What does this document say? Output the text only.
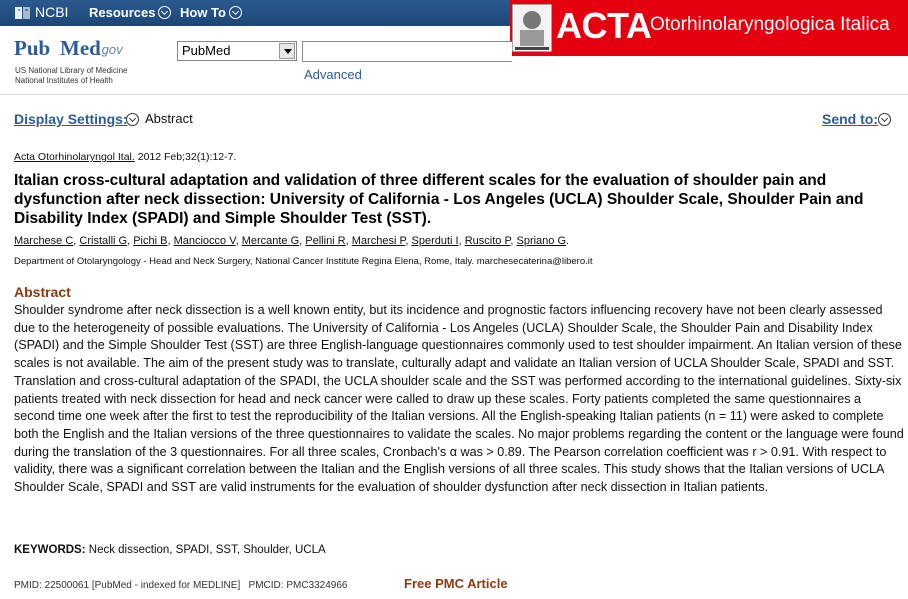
NCBI Resources	How To	ACTA
Otorhinolaryngologica Italica
Pub Med
.gov
US National Library of Medicine
National Institutes of Health
PubMed
Advanced
Display Settings: Abstract	Send to:
Acta Otorhinolaryngol Ital. 2012 Feb;32(1):12-7.
Italian cross-cultural adaptation and validation of three different scales for the evaluation of shoulder pain and dysfunction after neck dissection: University of California - Los Angeles (UCLA) Shoulder Scale, Shoulder Pain and Disability Index (SPADI) and Simple Shoulder Test (SST).
Marchese C, Cristalli G, Pichi B, Manciocco V, Mercante G, Pellini R, Marchesi P, Sperduti I, Ruscito P, Spriano G.
Department of Otolaryngology - Head and Neck Surgery, National Cancer Institute Regina Elena, Rome, Italy. marchesecaterina@libero.it
Abstract
Shoulder syndrome after neck dissection is a well known entity, but its incidence and prognostic factors influencing recovery have not been clearly assessed due to the heterogeneity of possible evaluations. The University of California - Los Angeles (UCLA) Shoulder Scale, the Shoulder Pain and Disability Index (SPADI) and the Simple Shoulder Test (SST) are three English-language questionnaires commonly used to test shoulder impairment. An Italian version of these scales is not available. The aim of the present study was to translate, culturally adapt and validate an Italian version of UCLA Shoulder Scale, SPADI and SST. Translation and cross-cultural adaptation of the SPADI, the UCLA shoulder scale and the SST was performed according to the international guidelines. Sixty-six patients treated with neck dissection for head and neck cancer were called to draw up these scales. Forty patients completed the same questionnaires a second time one week after the first to test the reproducibility of the Italian versions. All the English-speaking Italian patients (n = 11) were asked to complete both the English and the Italian versions of the three questionnaires to validate the scales. No major problems regarding the content or the language were found during the translation of the 3 questionnaires. For all three scales, Cronbach's α was > 0.89. The Pearson correlation coefficient was r > 0.91. With respect to validity, there was a significant correlation between the Italian and the English versions of all three scales. This study shows that the Italian versions of UCLA Shoulder Scale, SPADI and SST are valid instruments for the evaluation of shoulder dysfunction after neck dissection in Italian patients.
KEYWORDS: Neck dissection, SPADI, SST, Shoulder, UCLA
PMID: 22500061 [PubMed - indexed for MEDLINE]   PMCID: PMC3324966	Free PMC Article
